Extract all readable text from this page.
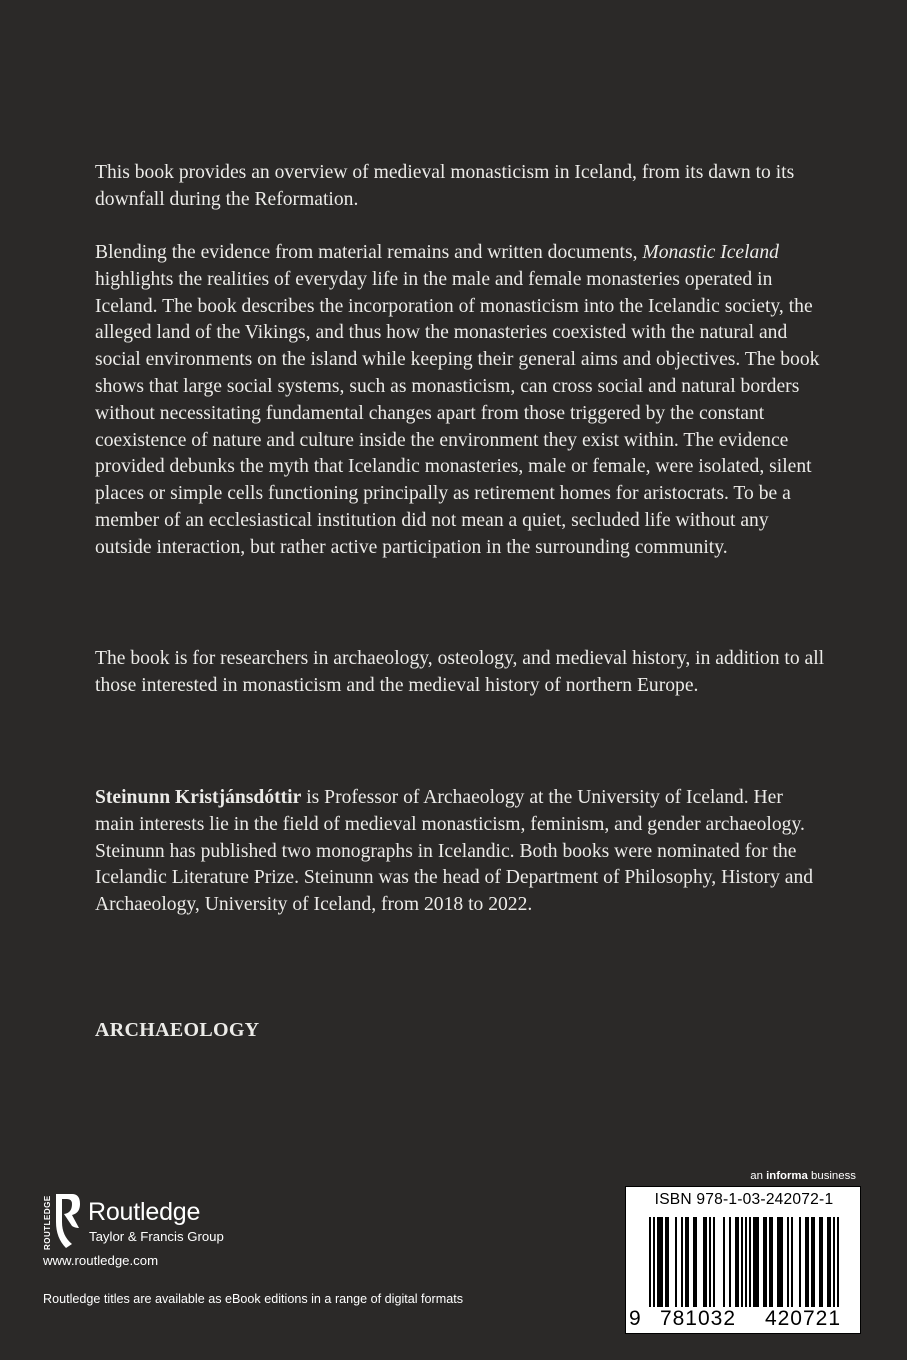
This book provides an overview of medieval monasticism in Iceland, from its dawn to its downfall during the Reformation.

Blending the evidence from material remains and written documents, Monastic Iceland highlights the realities of everyday life in the male and female monasteries operated in Iceland. The book describes the incorporation of monasticism into the Icelandic society, the alleged land of the Vikings, and thus how the monasteries coexisted with the natural and social environments on the island while keeping their general aims and objectives. The book shows that large social systems, such as monasticism, can cross social and natural borders without necessitating fundamental changes apart from those triggered by the constant coexistence of nature and culture inside the environment they exist within. The evidence provided debunks the myth that Icelandic monasteries, male or female, were isolated, silent places or simple cells functioning principally as retirement homes for aristocrats. To be a member of an ecclesiastical institution did not mean a quiet, secluded life without any outside interaction, but rather active participation in the surrounding community.

The book is for researchers in archaeology, osteology, and medieval history, in addition to all those interested in monasticism and the medieval history of northern Europe.

Steinunn Kristjánsdóttir is Professor of Archaeology at the University of Iceland. Her main interests lie in the field of medieval monasticism, feminism, and gender archaeology. Steinunn has published two monographs in Icelandic. Both books were nominated for the Icelandic Literature Prize. Steinunn was the head of Department of Philosophy, History and Archaeology, University of Iceland, from 2018 to 2022.

ARCHAEOLOGY

ROUTLEDGE Routledge
Taylor & Francis Group
www.routledge.com
Routledge titles are available as eBook editions in a range of digital formats
an informa business
ISBN 978-1-03-242072-1
9 781032	420721
